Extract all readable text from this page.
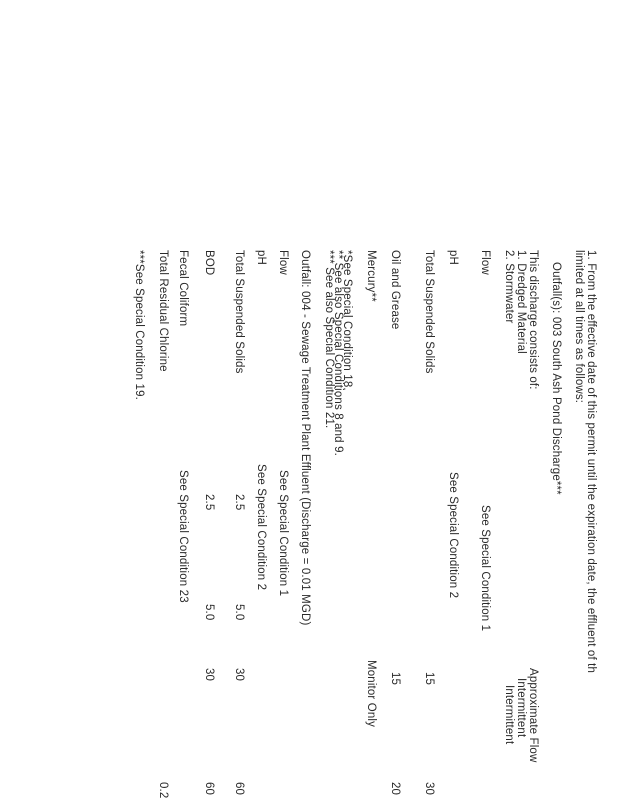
1. From the effective date of this permit until the expiration date, the effluent of th
limited at all times as follows:
Outfall(s): 003 South Ash Pond Discharge***
This discharge consists of:
Approximate Flow
1. Dredged Material
Intermittent
2. Stormwater
Intermittent
Flow
See Special Condition 1
pH
See Special Condition 2
Total Suspended Solids
15
30
Oil and Grease
15
20
Mercury**
Monitor Only
*See Special Condition 18.
** See also Special Conditions 8 and 9.
*** See also Special Condition 21.
Outfall: 004 - Sewage Treatment Plant Effluent (Discharge = 0.01 MGD)
Flow
See Special Condition 1
pH
See Special Condition 2
Total Suspended Solids
2.5
5.0
30
60
BOD
2.5
5.0
30
60
Fecal Coliform
See Special Condition 23
Total Residual Chlorine
0.2
***See Special Condition 19.
